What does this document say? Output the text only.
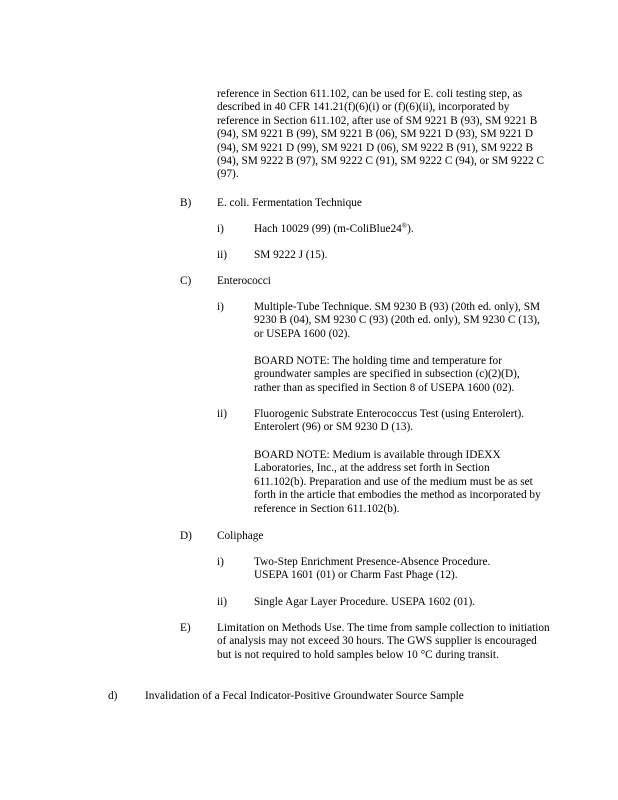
reference in Section 611.102, can be used for E. coli testing step, as described in 40 CFR 141.21(f)(6)(i) or (f)(6)(ii), incorporated by reference in Section 611.102, after use of SM 9221 B (93), SM 9221 B (94), SM 9221 B (99), SM 9221 B (06), SM 9221 D (93), SM 9221 D (94), SM 9221 D (99), SM 9221 D (06), SM 9222 B (91), SM 9222 B (94), SM 9222 B (97), SM 9222 C (91), SM 9222 C (94), or SM 9222 C (97).

B) E. coli. Fermentation Technique
i)	Hach 10029 (99) (m-ColiBlue24®).
ii) SM 9222 J (15).
C) Enterococci
i)	Multiple-Tube Technique. SM 9230 B (93) (20th ed. only), SM 9230 B (04), SM 9230 C (93) (20th ed. only), SM 9230 C (13), or USEPA 1600 (02).

BOARD NOTE: The holding time and temperature for groundwater samples are specified in subsection (c)(2)(D), rather than as specified in Section 8 of USEPA 1600 (02).

ii) Fluorogenic Substrate Enterococcus Test (using Enterolert). Enterolert (96) or SM 9230 D (13).

BOARD NOTE: Medium is available through IDEXX Laboratories, Inc., at the address set forth in Section 611.102(b). Preparation and use of the medium must be as set forth in the article that embodies the method as incorporated by reference in Section 611.102(b).

D) Coliphage
i)	Two-Step Enrichment Presence-Absence Procedure. USEPA 1601 (01) or Charm Fast Phage (12).

ii) Single Agar Layer Procedure. USEPA 1602 (01).
E) Limitation on Methods Use. The time from sample collection to initiation of analysis may not exceed 30 hours. The GWS supplier is encouraged but is not required to hold samples below 10 °C during transit.

d) Invalidation of a Fecal Indicator-Positive Groundwater Source Sample
